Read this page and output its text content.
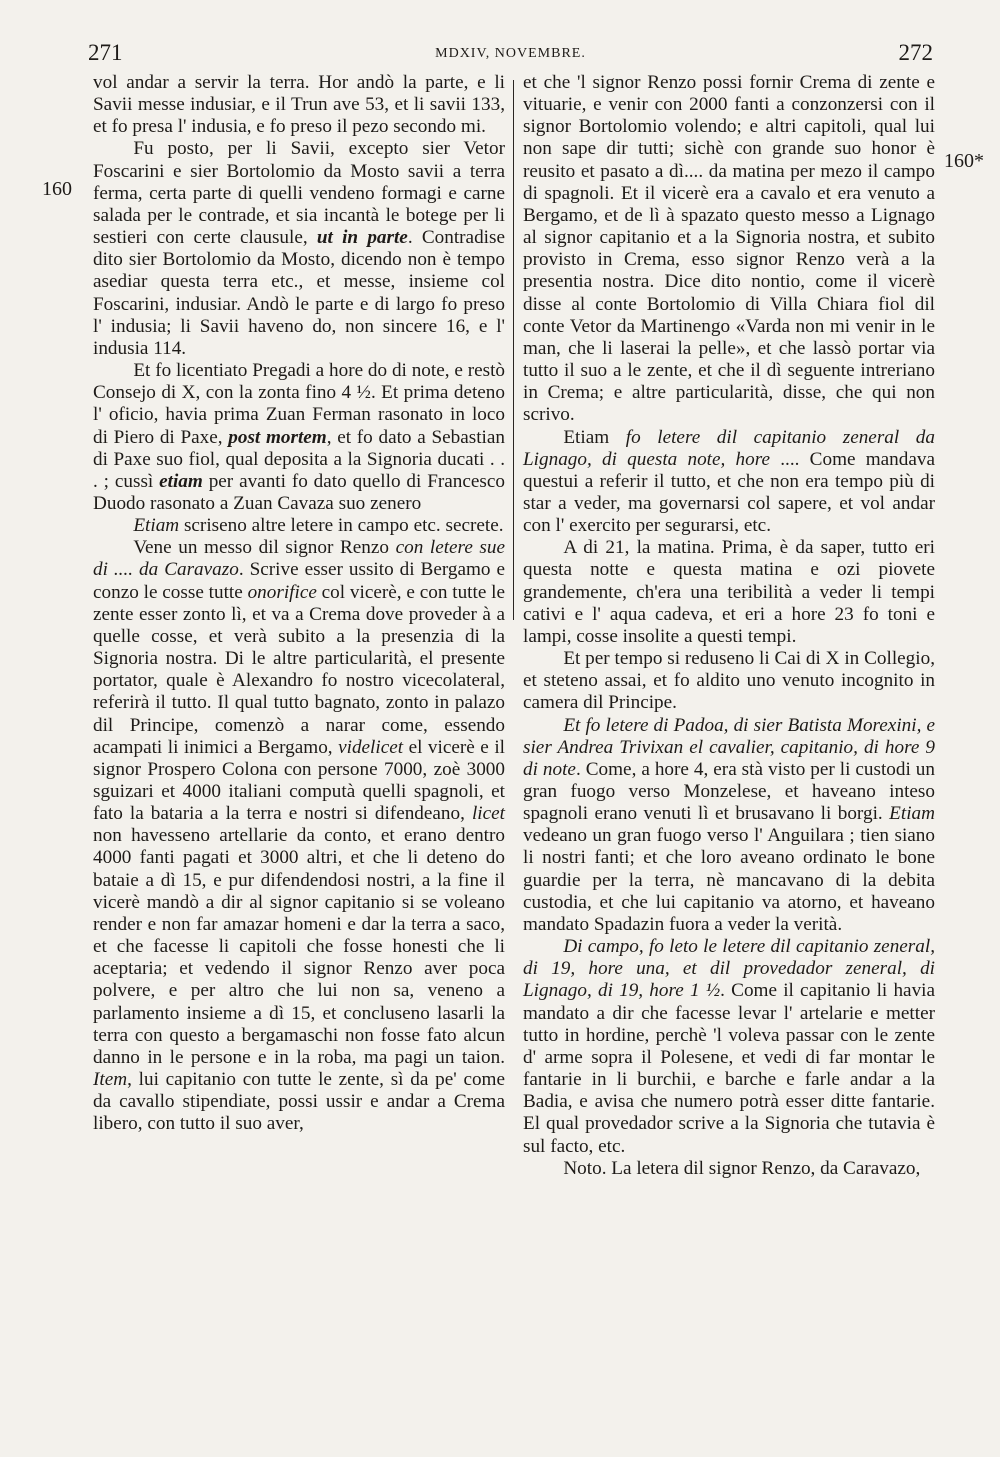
271	MDXIV, NOVEMBRE.	272
160
160*

vol andar a servir la terra. Hor andò la parte, e li Savii messe indusiar, e il Trun ave 53, et li savii 133, et fo presa l' indusia, e fo preso il pezo secondo mi.

Fu posto, per li Savii, excepto sier Vetor Foscarini e sier Bortolomio da Mosto savii a terra ferma, certa parte di quelli vendeno formagi e carne salada per le contrade, et sia incantà le botege per li sestieri con certe clausule, ut in parte. Contradise dito sier Bortolomio da Mosto, dicendo non è tempo asediar questa terra etc., et messe, insieme col Foscarini, indusiar. Andò le parte e di largo fo preso l' indusia; li Savii haveno do, non sincere 16, e l' indusia 114.

Et fo licentiato Pregadi a hore do di note, e restò Consejo di X, con la zonta fino 4 ½. Et prima deteno l' oficio, havia prima Zuan Ferman rasonato in loco di Piero di Paxe, post mortem, et fo dato a Sebastian di Paxe suo fiol, qual deposita a la Signoria ducati . . . ; cussì etiam per avanti fo dato quello di Francesco Duodo rasonato a Zuan Cavaza suo zenero

Etiam scriseno altre letere in campo etc. secrete.

Vene un messo dil signor Renzo con letere sue di .... da Caravazo. Scrive esser ussito di Bergamo e conzo le cosse tutte onorifice col vicerè, e con tutte le zente esser zonto lì, et va a Crema dove proveder à a quelle cosse, et verà subito a la presenzia di la Signoria nostra. Di le altre particularità, el presente portator, quale è Alexandro fo nostro vicecolateral, referirà il tutto. Il qual tutto bagnato, zonto in palazo dil Principe, comenzò a narar come, essendo acampati li inimici a Bergamo, videlicet el vicerè e il signor Prospero Colona con persone 7000, zoè 3000 sguizari et 4000 italiani computà quelli spagnoli, et fato la bataria a la terra e nostri si difendeano, licet non havesseno artellarie da conto, et erano dentro 4000 fanti pagati et 3000 altri, et che li deteno do bataie a dì 15, e pur difendendosi nostri, a la fine il vicerè mandò a dir al signor capitanio si se voleano render e non far amazar homeni e dar la terra a saco, et che facesse li capitoli che fosse honesti che li aceptaria; et vedendo il signor Renzo aver poca polvere, e per altro che lui non sa, veneno a parlamento insieme a dì 15, et concluseno lasarli la terra con questo a bergamaschi non fosse fato alcun danno in le persone e in la roba, ma pagi un taion. Item, lui capitanio con tutte le zente, sì da pe' come da cavallo stipendiate, possi ussir e andar a Crema libero, con tutto il suo aver,

et che 'l signor Renzo possi fornir Crema di zente e vituarie, e venir con 2000 fanti a conzonzersi con il signor Bortolomio volendo; e altri capitoli, qual lui non sape dir tutti; sichè con grande suo honor è reusito et pasato a dì.... da matina per mezo il campo di spagnoli. Et il vicerè era a cavalo et era venuto a Bergamo, et de lì à spazato questo messo a Lignago al signor capitanio et a la Signoria nostra, et subito provisto in Crema, esso signor Renzo verà a la presentia nostra. Dice dito nontio, come il vicerè disse al conte Bortolomio di Villa Chiara fiol dil conte Vetor da Martinengo «Varda non mi venir in le man, che li laserai la pelle», et che lassò portar via tutto il suo a le zente, et che il dì seguente intreriano in Crema; e altre particularità, disse, che qui non scrivo.

Etiam fo letere dil capitanio zeneral da Lignago, di questa note, hore .... Come mandava questui a referir il tutto, et che non era tempo più di star a veder, ma governarsi col sapere, et vol andar con l' exercito per segurarsi, etc.

A di 21, la matina. Prima, è da saper, tutto eri questa notte e questa matina e ozi piovete grandemente, ch'era una teribilità a veder li tempi cativi e l' aqua cadeva, et eri a hore 23 fo toni e lampi, cosse insolite a questi tempi.

Et per tempo si reduseno li Cai di X in Collegio, et steteno assai, et fo aldito uno venuto incognito in camera dil Principe.

Et fo letere di Padoa, di sier Batista Morexini, e sier Andrea Trivixan el cavalier, capitanio, di hore 9 di note. Come, a hore 4, era stà visto per li custodi un gran fuogo verso Monzelese, et haveano inteso spagnoli erano venuti lì et brusavano li borgi. Etiam vedeano un gran fuogo verso l' Anguilara ; tien siano li nostri fanti; et che loro aveano ordinato le bone guardie per la terra, nè mancavano di la debita custodia, et che lui capitanio va atorno, et haveano mandato Spadazin fuora a veder la verità.

Di campo, fo leto le letere dil capitanio zeneral, di 19, hore una, et dil provedador zeneral, di Lignago, di 19, hore 1 ½. Come il capitanio li havia mandato a dir che facesse levar l' artelarie e metter tutto in hordine, perchè 'l voleva passar con le zente d' arme sopra il Polesene, et vedi di far montar le fantarie in li burchii, e barche e farle andar a la Badia, e avisa che numero potrà esser ditte fantarie. El qual provedador scrive a la Signoria che tutavia è sul facto, etc.

Noto. La letera dil signor Renzo, da Caravazo,
